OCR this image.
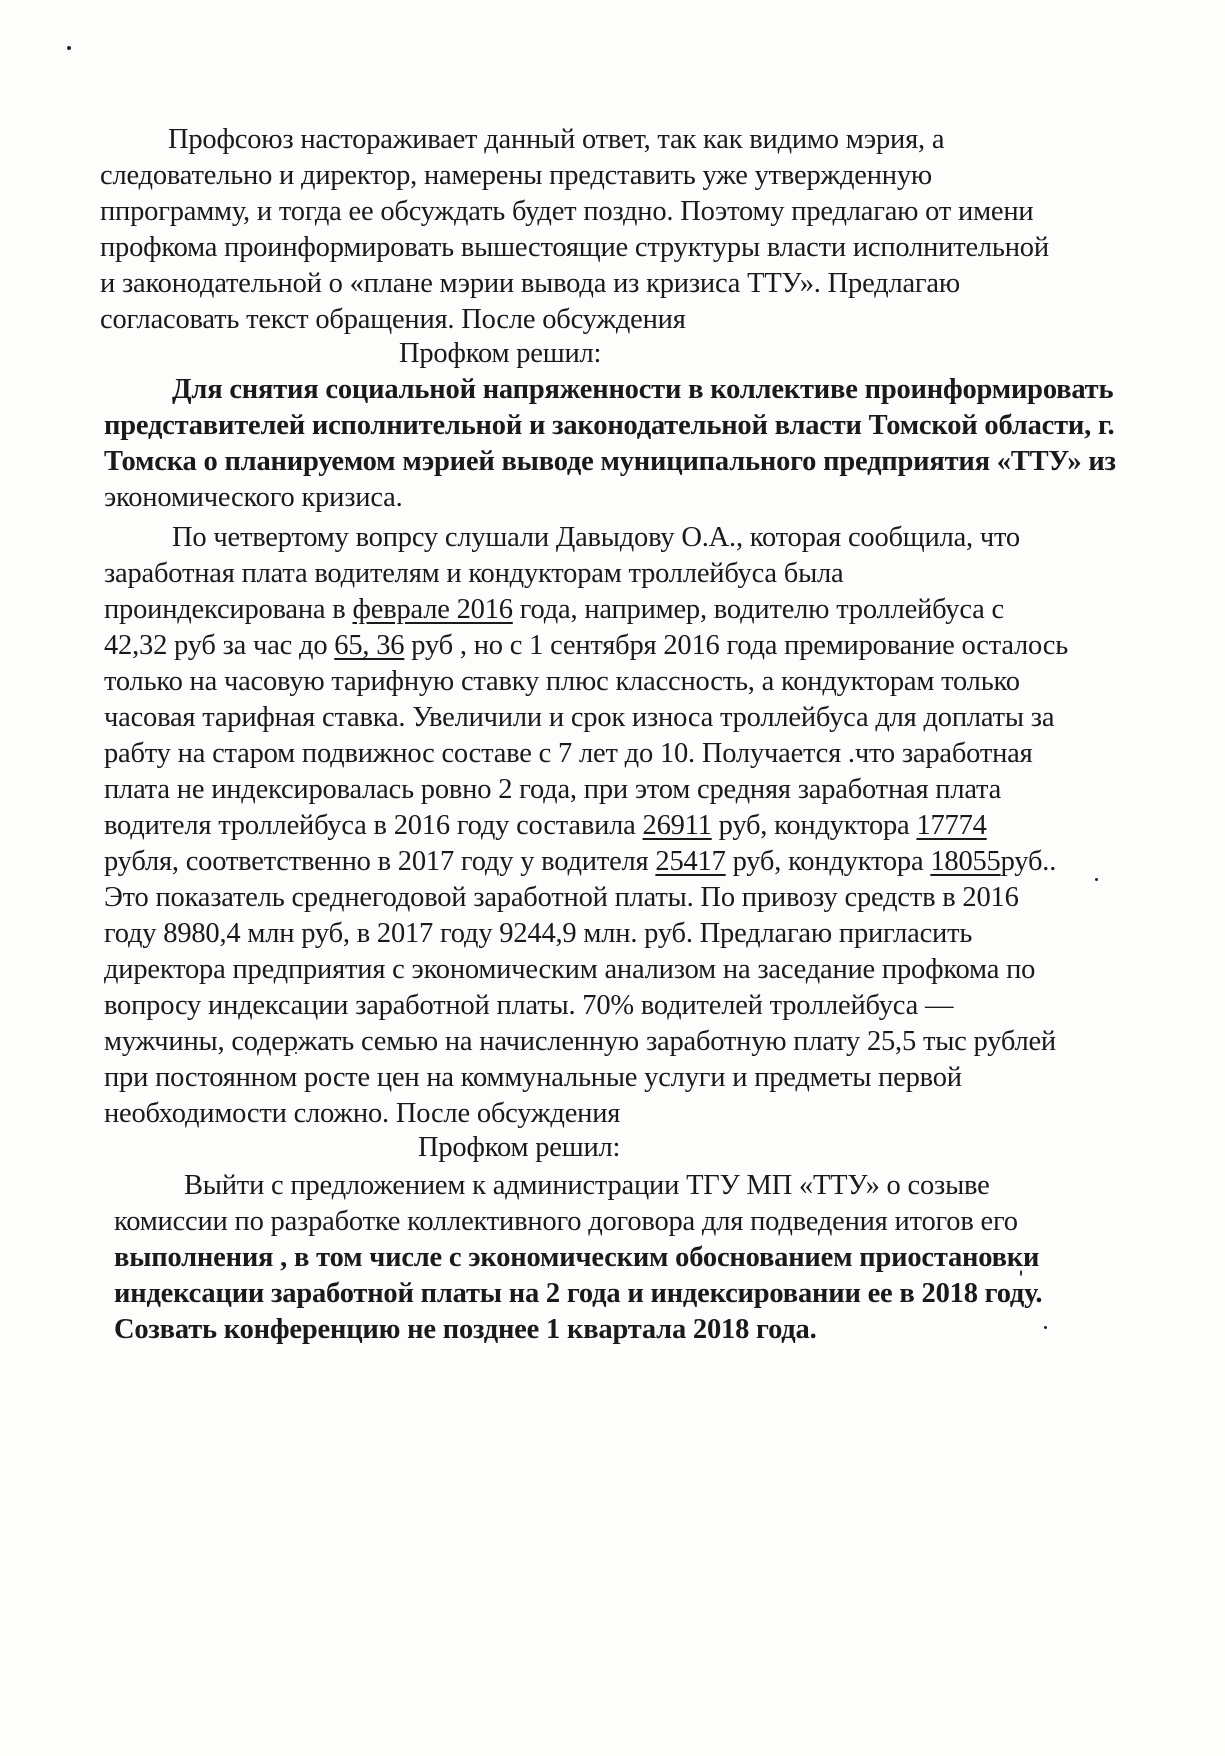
Профсоюз настораживает данный ответ, так как видимо мэрия, а
следовательно и директор, намерены представить уже утвержденную
ппрограмму, и тогда ее обсуждать будет поздно. Поэтому предлагаю от имени
профкома проинформировать вышестоящие структуры власти исполнительной
и законодательной о «плане мэрии вывода из кризиса ТТУ». Предлагаю
согласовать текст обращения. После обсуждения
Профком решил:
Для снятия социальной напряженности в коллективе проинформировать
представителей исполнительной и законодательной власти Томской области, г.
Томска о планируемом мэрией выводе муниципального предприятия «ТТУ» из
экономического кризиса.
По четвертому вопрсу слушали Давыдову О.А., которая сообщила, что
заработная плата водителям и кондукторам троллейбуса была
проиндексирована в феврале 2016 года, например, водителю троллейбуса с
42,32 руб за час до 65, 36 руб , но с 1 сентября 2016 года премирование осталось
только на часовую тарифную ставку плюс классность, а кондукторам только
часовая тарифная ставка. Увеличили и срок износа троллейбуса для доплаты за
рабту на старом подвижнос составе с 7 лет до 10. Получается .что заработная
плата не индексировалась ровно 2 года, при этом средняя заработная плата
водителя троллейбуса в 2016 году составила 26911 руб, кондуктора 17774
рубля, соответственно в 2017 году у водителя 25417 руб, кондуктора 18055руб..
Это показатель среднегодовой заработной платы. По привозу средств в 2016
году 8980,4 млн руб, в 2017 году 9244,9 млн. руб. Предлагаю пригласить
директора предприятия с экономическим анализом на заседание профкома по
вопросу индексации заработной платы. 70% водителей троллейбуса —
мужчины, содержать семью на начисленную заработную плату 25,5 тыс рублей
при постоянном росте цен на коммунальные услуги и предметы первой
необходимости сложно. После обсуждения
Профком решил:
Выйти с предложением к администрации ТГУ МП «ТТУ» о созыве
комиссии по разработке коллективного договора для подведения итогов его
выполнения , в том числе с экономическим обоснованием приостановки
индексации заработной платы на 2 года и индексировании ее в 2018 году.
Созвать конференцию не позднее 1 квартала 2018 года.
